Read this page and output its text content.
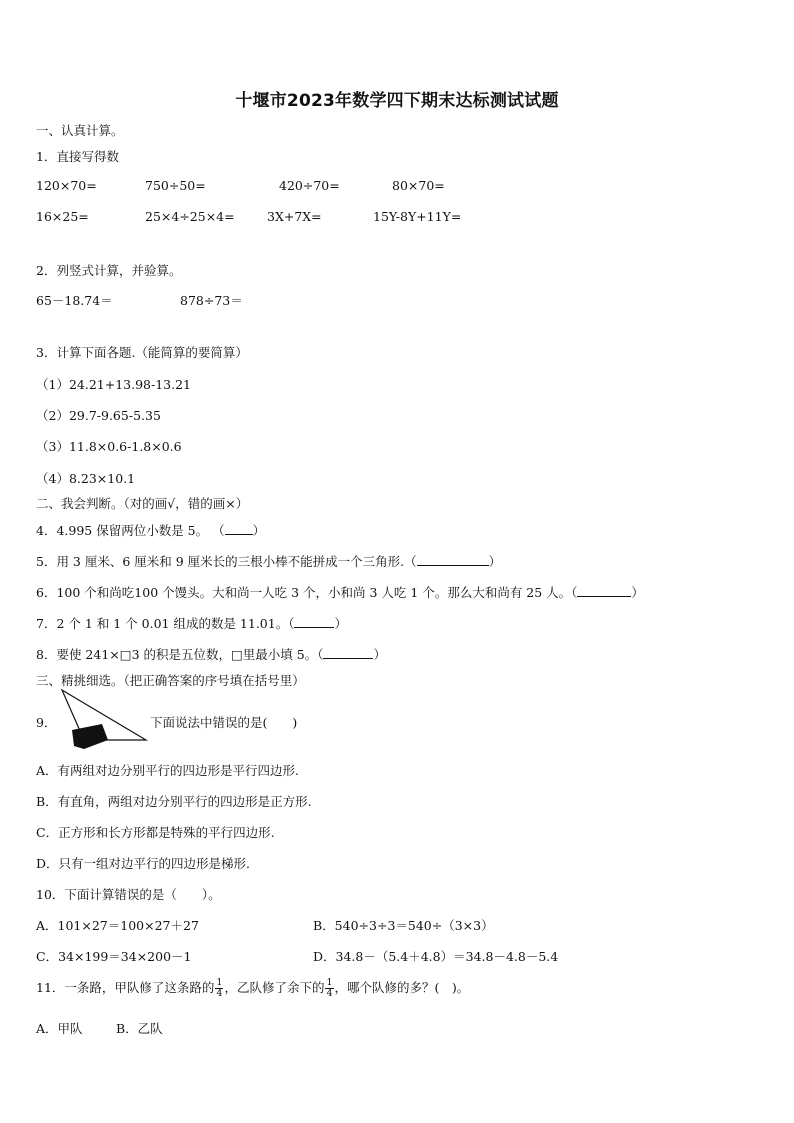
十堰市2023年数学四下期末达标测试试题
一、认真计算。
1．直接写得数
120×70=	750÷50=	420÷70=	80×70=
16×25=	25×4÷25×4=	3X+7X=	15Y-8Y+11Y=
2．列竖式计算，并验算。
65－18.74＝	878÷73＝
3．计算下面各题.（能简算的要简算）
（1）24.21+13.98-13.21
（2）29.7-9.65-5.35
（3）11.8×0.6-1.8×0.6
（4）8.23×10.1
二、我会判断。（对的画√，错的画×）
4．4.995 保留两位小数是 5。 （ ）
5．用 3 厘米、6 厘米和 9 厘米长的三根小棒不能拼成一个三角形.（	）
6．100 个和尚吃100 个馒头。大和尚一人吃 3 个，小和尚 3 人吃 1 个。那么大和尚有 25 人。（	）
7．2 个 1 和 1 个 0.01 组成的数是 11.01。（	）
8．要使 241×□3 的积是五位数，□里最小填 5。（	）
三、精挑细选。（把正确答案的序号填在括号里）
9．	下面说法中错误的是(　　)
A．有两组对边分别平行的四边形是平行四边形.
B．有直角，两组对边分别平行的四边形是正方形.
C．正方形和长方形都是特殊的平行四边形.
D．只有一组对边平行的四边形是梯形.
10．下面计算错误的是（　　）。
A．101×27＝100×27＋27	B．540÷3÷3＝540÷（3×3）
C．34×199＝34×200－1	D．34.8－（5.4＋4.8）＝34.8－4.8－5.4
11．一条路，甲队修了这条路的 $\frac{1}{4}$ ，乙队修了余下的 $\frac{1}{4}$ ，哪个队修的多？(　)。
A．甲队	B．乙队
